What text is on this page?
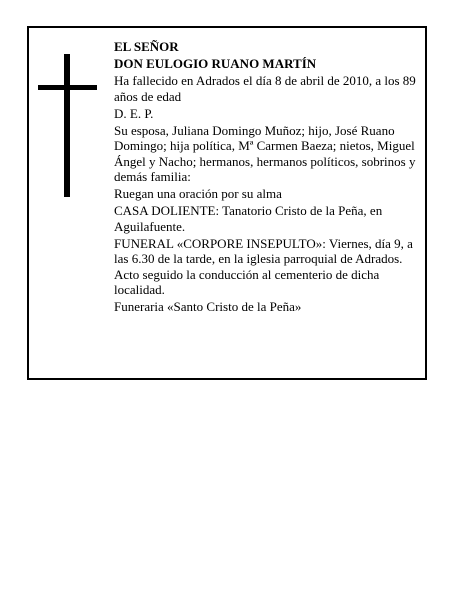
EL SEÑOR

DON EULOGIO RUANO MARTÍN

Ha fallecido en Adrados el día 8 de abril de 2010, a los 89 años de edad

D. E. P.

Su esposa, Juliana Domingo Muñoz; hijo, José Ruano Domingo; hija política, Mª Carmen Baeza; nietos, Miguel Ángel y Nacho; hermanos, hermanos políticos, sobrinos y demás familia:

Ruegan una oración por su alma

CASA DOLIENTE: Tanatorio Cristo de la Peña, en Aguilafuente.

FUNERAL «CORPORE INSEPULTO»: Viernes, día 9, a las 6.30 de la tarde, en la iglesia parroquial de Adrados. Acto seguido la conducción al cementerio de dicha localidad.

Funeraria «Santo Cristo de la Peña»
